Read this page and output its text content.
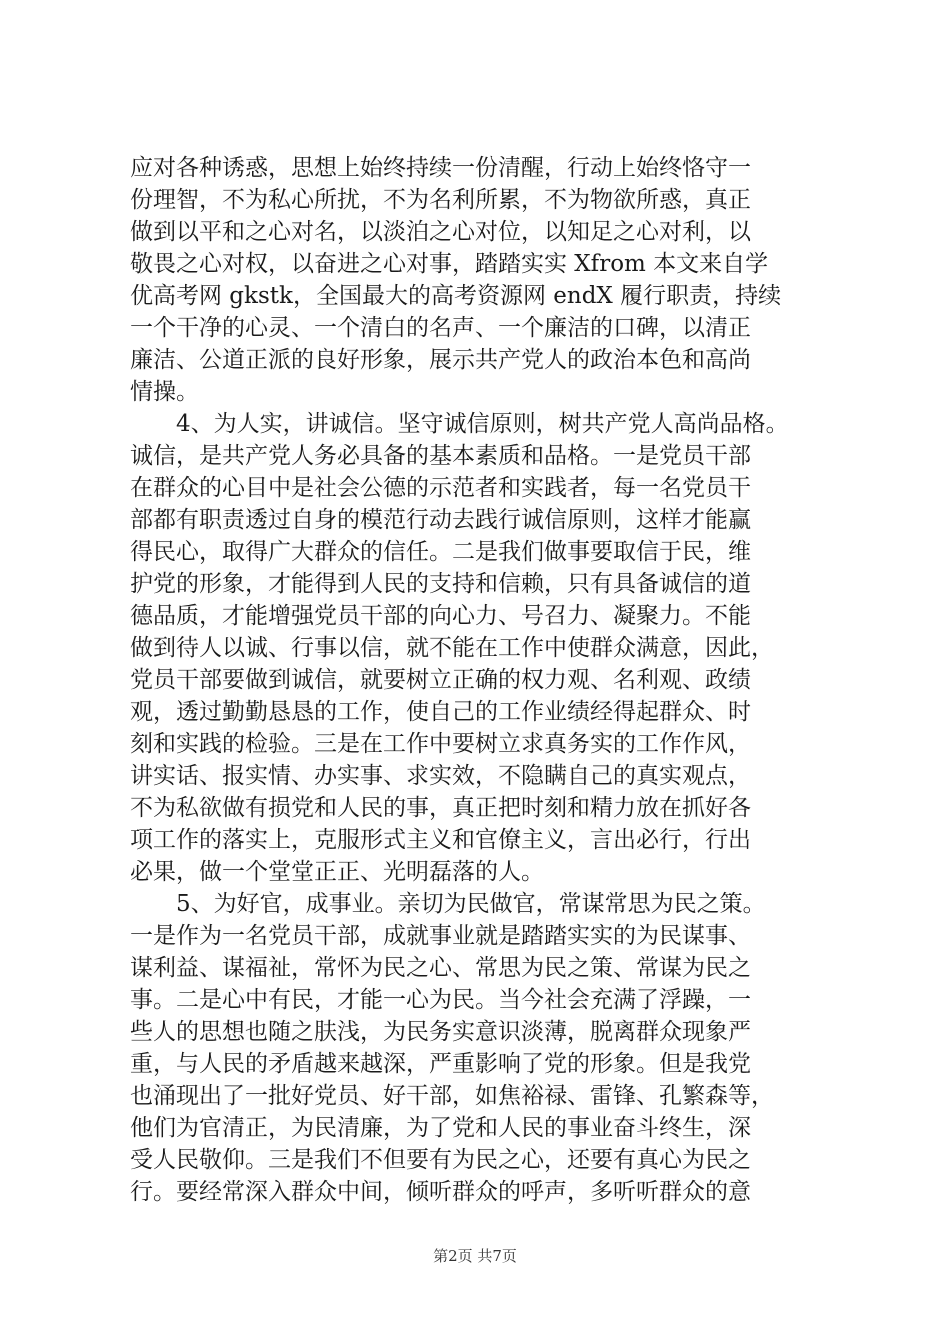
应对各种诱惑，思想上始终持续一份清醒，行动上始终恪守一
份理智，不为私心所扰，不为名利所累，不为物欲所惑，真正
做到以平和之心对名，以淡泊之心对位，以知足之心对利，以
敬畏之心对权，以奋进之心对事，踏踏实实 Xfrom 本文来自学
优高考网 gkstk，全国最大的高考资源网 endX 履行职责，持续
一个干净的心灵、一个清白的名声、一个廉洁的口碑，以清正
廉洁、公道正派的良好形象，展示共产党人的政治本色和高尚
情操。
　　4、为人实，讲诚信。坚守诚信原则，树共产党人高尚品格。
诚信，是共产党人务必具备的基本素质和品格。一是党员干部
在群众的心目中是社会公德的示范者和实践者，每一名党员干
部都有职责透过自身的模范行动去践行诚信原则，这样才能赢
得民心，取得广大群众的信任。二是我们做事要取信于民，维
护党的形象，才能得到人民的支持和信赖，只有具备诚信的道
德品质，才能增强党员干部的向心力、号召力、凝聚力。不能
做到待人以诚、行事以信，就不能在工作中使群众满意，因此，
党员干部要做到诚信，就要树立正确的权力观、名利观、政绩
观，透过勤勤恳恳的工作，使自己的工作业绩经得起群众、时
刻和实践的检验。三是在工作中要树立求真务实的工作作风，
讲实话、报实情、办实事、求实效，不隐瞒自己的真实观点，
不为私欲做有损党和人民的事，真正把时刻和精力放在抓好各
项工作的落实上，克服形式主义和官僚主义，言出必行，行出
必果，做一个堂堂正正、光明磊落的人。
　　5、为好官，成事业。亲切为民做官，常谋常思为民之策。
一是作为一名党员干部，成就事业就是踏踏实实的为民谋事、
谋利益、谋福祉，常怀为民之心、常思为民之策、常谋为民之
事。二是心中有民，才能一心为民。当今社会充满了浮躁，一
些人的思想也随之肤浅，为民务实意识淡薄，脱离群众现象严
重，与人民的矛盾越来越深，严重影响了党的形象。但是我党
也涌现出了一批好党员、好干部，如焦裕禄、雷锋、孔繁森等，
他们为官清正，为民清廉，为了党和人民的事业奋斗终生，深
受人民敬仰。三是我们不但要有为民之心，还要有真心为民之
行。要经常深入群众中间，倾听群众的呼声，多听听群众的意
第2页 共7页
